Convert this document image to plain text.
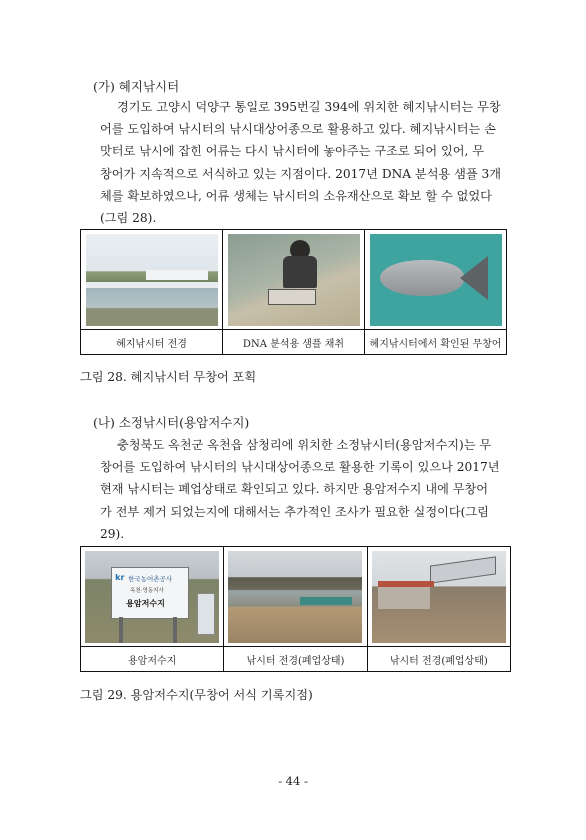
(가) 혜지낚시터
경기도 고양시 덕양구 통일로 395번길 394에 위치한 혜지낚시터는 무창
어를 도입하여 낚시터의 낚시대상어종으로 활용하고 있다. 혜지낚시터는 손
맛터로 낚시에 잡힌 어류는 다시 낚시터에 놓아주는 구조로 되어 있어, 무
창어가 지속적으로 서식하고 있는 지점이다. 2017년 DNA 분석용 샘플 3개
체를 확보하였으나, 어류 생체는 낚시터의 소유재산으로 확보 할 수 없었다
(그림 28).

혜지낚시터 전경	DNA 분석용 샘플 채취	혜지낚시터에서 확인된 무창어
그림 28. 혜지낚시터 무창어 포획
(나) 소정낚시터(용암저수지)
충청북도 옥천군 옥천읍 삼청리에 위치한 소정낚시터(용암저수지)는 무
창어를 도입하여 낚시터의 낚시대상어종으로 활용한 기록이 있으나 2017년
현재 낚시터는 폐업상태로 확인되고 있다. 하지만 용암저수지 내에 무창어
가 전부 제거 되었는지에 대해서는 추가적인 조사가 필요한 실정이다(그림
29).
kr 한국농어촌공사
옥천·영동지사
용암저수지		

용암저수지	낚시터 전경(폐업상태)	낚시터 전경(폐업상태)
그림 29. 용암저수지(무창어 서식 기록지점)
- 44 -
